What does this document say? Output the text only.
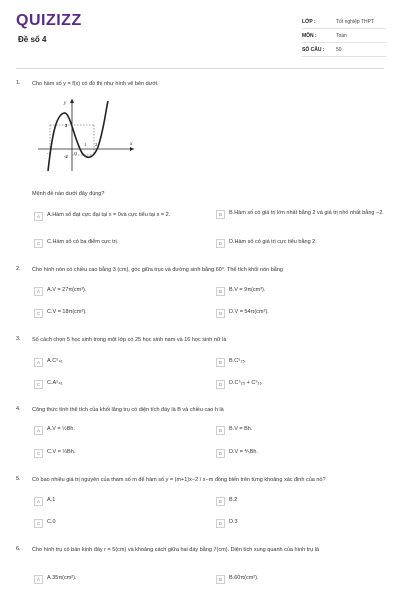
QUIZIZZ
Đề số 4
LỚP :	Tốt nghiệp THPT
MÔN :	Toán
SỐ CÂU :	50
1.	Cho hàm số y = f(x) có đồ thị như hình vẽ bên dưới.
y
x
O
2
-2
-1
1 2
Mệnh đề nào dưới đây đúng?
A	A.Hàm số đạt cực đại tại x = 0và cực tiểu tại x = 2.	B	B.Hàm số có giá trị lớn nhất bằng 2 và giá trị nhỏ nhất bằng −2.
C	C.Hàm số có ba điểm cực trị.	D	D.Hàm số có giá trị cực tiểu bằng 2.
2.	Cho hình nón có chiều cao bằng 3 (cm), góc giữa trục và đường sinh bằng 60°. Thể tích khối nón bằng
A	A.V = 27π(cm³).	B	B.V = 9π(cm³).
C	C.V = 18π(cm³).	D	D.V = 54π(cm³).
3.	Số cách chọn 5 học sinh trong một lớp có 25 học sinh nam và 16 học sinh nữ là
A	A.C⁵₄₁	B	B.C⁵₂₅
C	C.A⁵₄₁	D	D.C⁵₂₅ + C⁵₁₆
4.	Công thức tính thể tích của khối lăng trụ có diện tích đáy là B và chiều cao h là
A	A.V = ½Bh.	B	B.V = Bh.
C	C.V = ⅓Bh.	D	D.V = ⅘Bh.
5.	Có bao nhiêu giá trị nguyên của tham số m để hàm số y = (m+1)x−2 / x−m đồng biến trên từng khoảng xác định của nó?
A	A.1	B	B.2
C	C.0	D	D.3
6.	Cho hình trụ có bán kính đáy r = 5(cm) và khoảng cách giữa hai đáy bằng 7(cm). Diện tích xung quanh của hình trụ là
A	A.35π(cm²).	B	B.60π(cm²).
